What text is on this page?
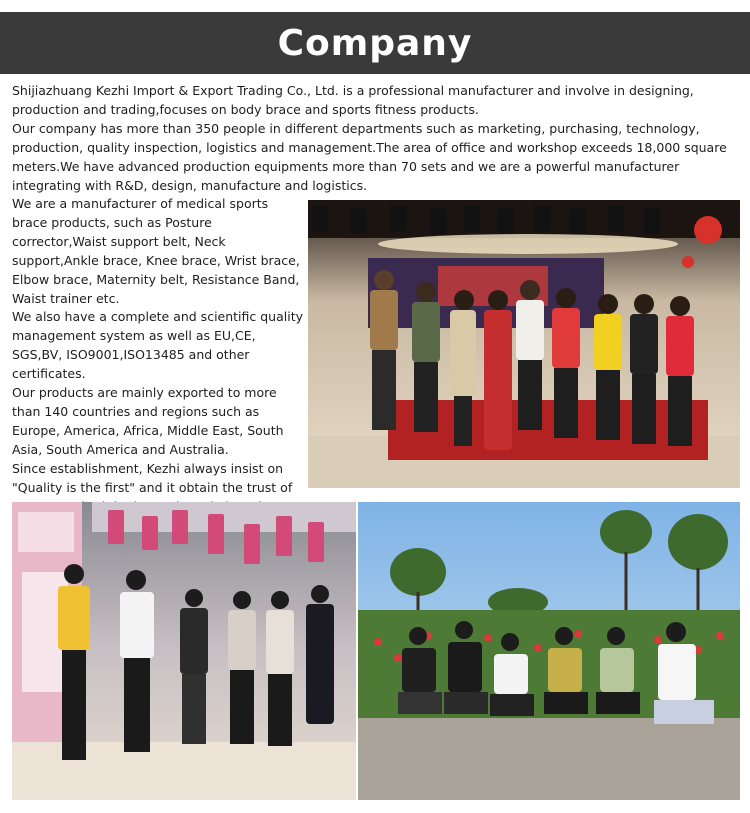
Company

Shijiazhuang Kezhi Import & Export Trading Co., Ltd. is a professional manufacturer and involve in designing, production and trading,focuses on body brace and sports fitness products.

Our company has more than 350 people in different departments such as marketing, purchasing, technology, production, quality inspection, logistics and management.The area of office and workshop exceeds 18,000 square meters.We have advanced production equipments more than 70 sets and we are a powerful manufacturer integrating with R&D, design, manufacture and logistics.

We are a manufacturer of medical sports brace products, such as Posture corrector,Waist support belt, Neck support,Ankle brace, Knee brace, Wrist brace, Elbow brace, Maternity belt, Resistance Band, Waist trainer etc.

We also have a complete and scientific quality management system as well as EU,CE, SGS,BV, ISO9001,ISO13485 and other certificates.

Our products are mainly exported to more than 140 countries and regions such as Europe, America, Africa, Middle East, South Asia, South America and Australia.

Since establishment, Kezhi always insist on "Quality is the first" and it obtain the trust of
